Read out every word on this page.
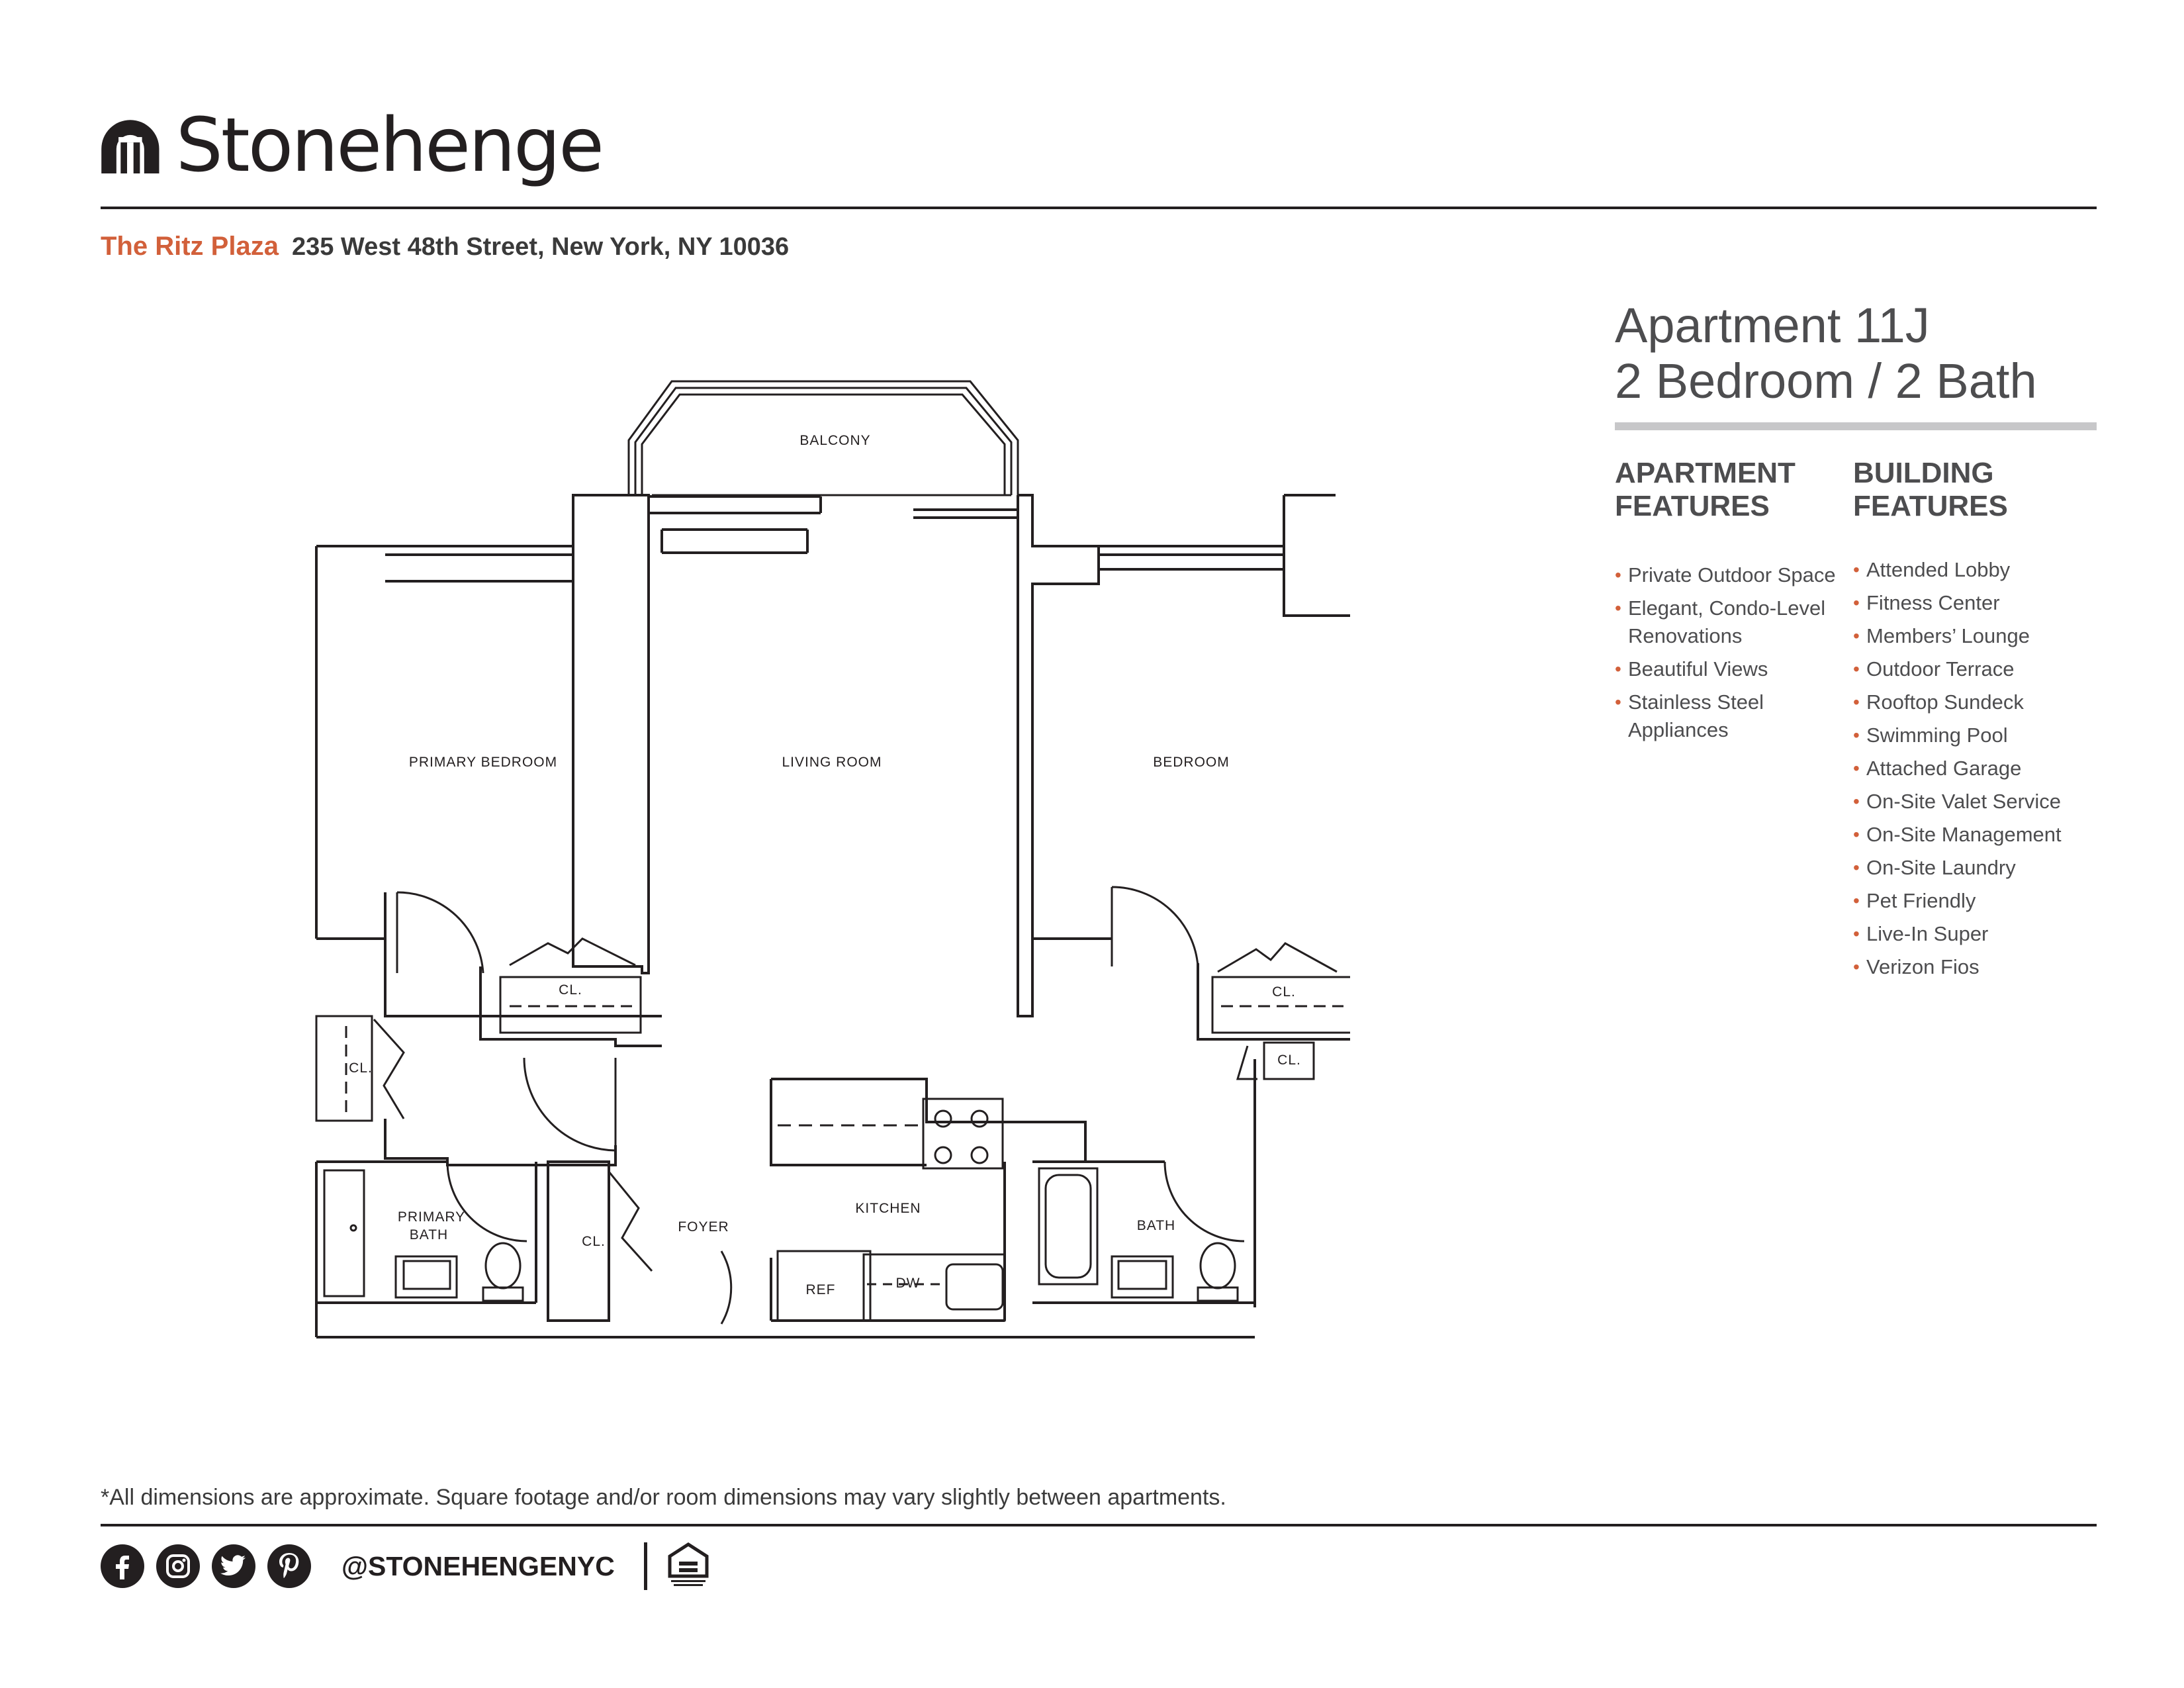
Stonehenge
The Ritz Plaza 235 West 48th Street, New York, NY 10036
Apartment 11J
2 Bedroom / 2 Bath
APARTMENT
FEATURES
BUILDING
FEATURES
• Private Outdoor Space
• Elegant, Condo-Level Renovations
• Beautiful Views
• Stainless Steel Appliances
• Attended Lobby
• Fitness Center
• Members’ Lounge
• Outdoor Terrace
• Rooftop Sundeck
• Swimming Pool
• Attached Garage
• On-Site Valet Service
• On-Site Management
• On-Site Laundry
• Pet Friendly
• Live-In Super
• Verizon Fios
BALCONY
PRIMARY BEDROOM	LIVING ROOM	BEDROOM
CL.	CL.
CL.
CL.
CL.
KITCHEN
FOYER
PRIMARY
BATH
BATH
REF	DW
*All dimensions are approximate. Square footage and/or room dimensions may vary slightly between apartments.
@STONEHENGENYC
